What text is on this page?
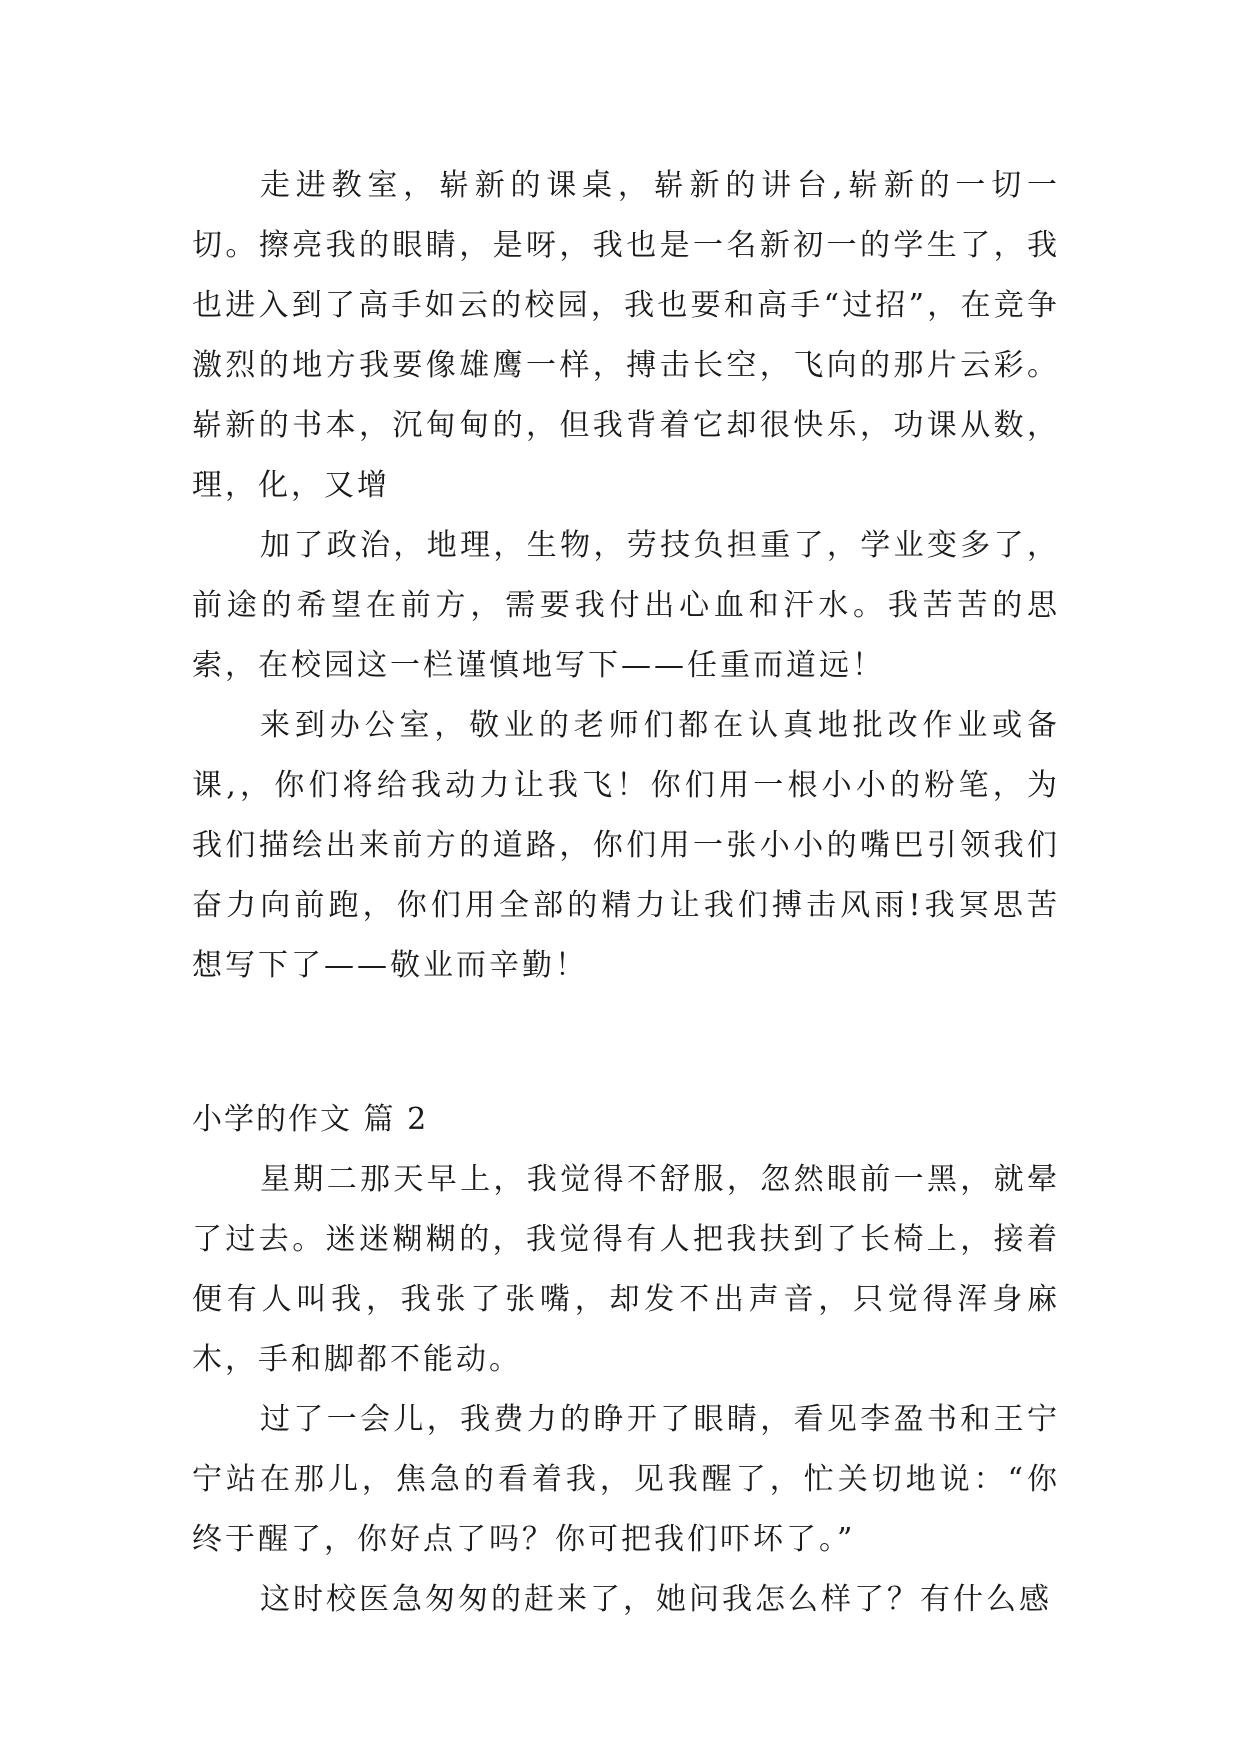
走进教室，崭新的课桌，崭新的讲台,崭新的一切一切。擦亮我的眼睛，是呀，我也是一名新初一的学生了，我也进入到了高手如云的校园，我也要和高手“过招”，在竞争激烈的地方我要像雄鹰一样，搏击长空，飞向的那片云彩。崭新的书本，沉甸甸的，但我背着它却很快乐，功课从数，理，化，又增

加了政治，地理，生物，劳技负担重了，学业变多了，前途的希望在前方，需要我付出心血和汗水。我苦苦的思索，在校园这一栏谨慎地写下——任重而道远！

来到办公室，敬业的老师们都在认真地批改作业或备课,，你们将给我动力让我飞！你们用一根小小的粉笔，为我们描绘出来前方的道路，你们用一张小小的嘴巴引领我们奋力向前跑，你们用全部的精力让我们搏击风雨!我冥思苦想写下了——敬业而辛勤！

小学的作文 篇 2

星期二那天早上，我觉得不舒服，忽然眼前一黑，就晕了过去。迷迷糊糊的，我觉得有人把我扶到了长椅上，接着便有人叫我，我张了张嘴，却发不出声音，只觉得浑身麻木，手和脚都不能动。

过了一会儿，我费力的睁开了眼睛，看见李盈书和王宁宁站在那儿，焦急的看着我，见我醒了，忙关切地说：“你终于醒了，你好点了吗？你可把我们吓坏了。”

这时校医急匆匆的赶来了，她问我怎么样了？有什么感
